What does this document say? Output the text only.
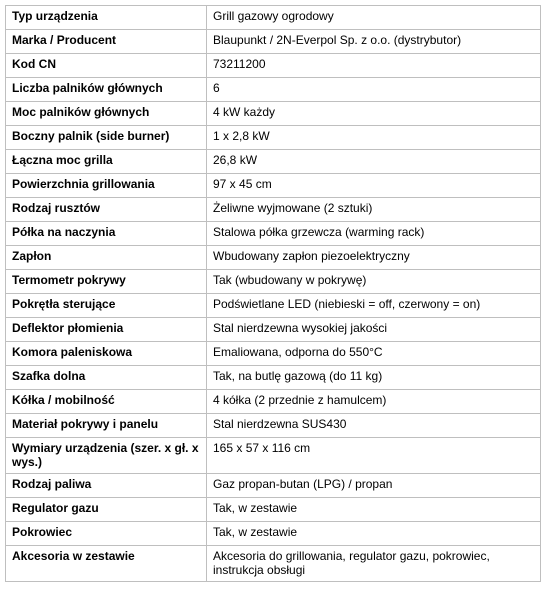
Typ urządzenia	Grill gazowy ogrodowy
Marka / Producent	Blaupunkt / 2N-Everpol Sp. z o.o. (dystrybutor)
Kod CN	73211200
Liczba palników głównych	6
Moc palników głównych	4 kW każdy
Boczny palnik (side burner)	1 x 2,8 kW
Łączna moc grilla	26,8 kW
Powierzchnia grillowania	97 x 45 cm
Rodzaj rusztów	Żeliwne wyjmowane (2 sztuki)
Półka na naczynia	Stalowa półka grzewcza (warming rack)
Zapłon	Wbudowany zapłon piezoelektryczny
Termometr pokrywy	Tak (wbudowany w pokrywę)
Pokrętła sterujące	Podświetlane LED (niebieski = off, czerwony = on)
Deflektor płomienia	Stal nierdzewna wysokiej jakości
Komora paleniskowa	Emaliowana, odporna do 550°C
Szafka dolna	Tak, na butlę gazową (do 11 kg)
Kółka / mobilność	4 kółka (2 przednie z hamulcem)
Materiał pokrywy i panelu	Stal nierdzewna SUS430
Wymiary urządzenia (szer. x gł. x wys.)	165 x 57 x 116 cm
Rodzaj paliwa	Gaz propan-butan (LPG) / propan
Regulator gazu	Tak, w zestawie
Pokrowiec	Tak, w zestawie
Akcesoria w zestawie	Akcesoria do grillowania, regulator gazu, pokrowiec, instrukcja obsługi
